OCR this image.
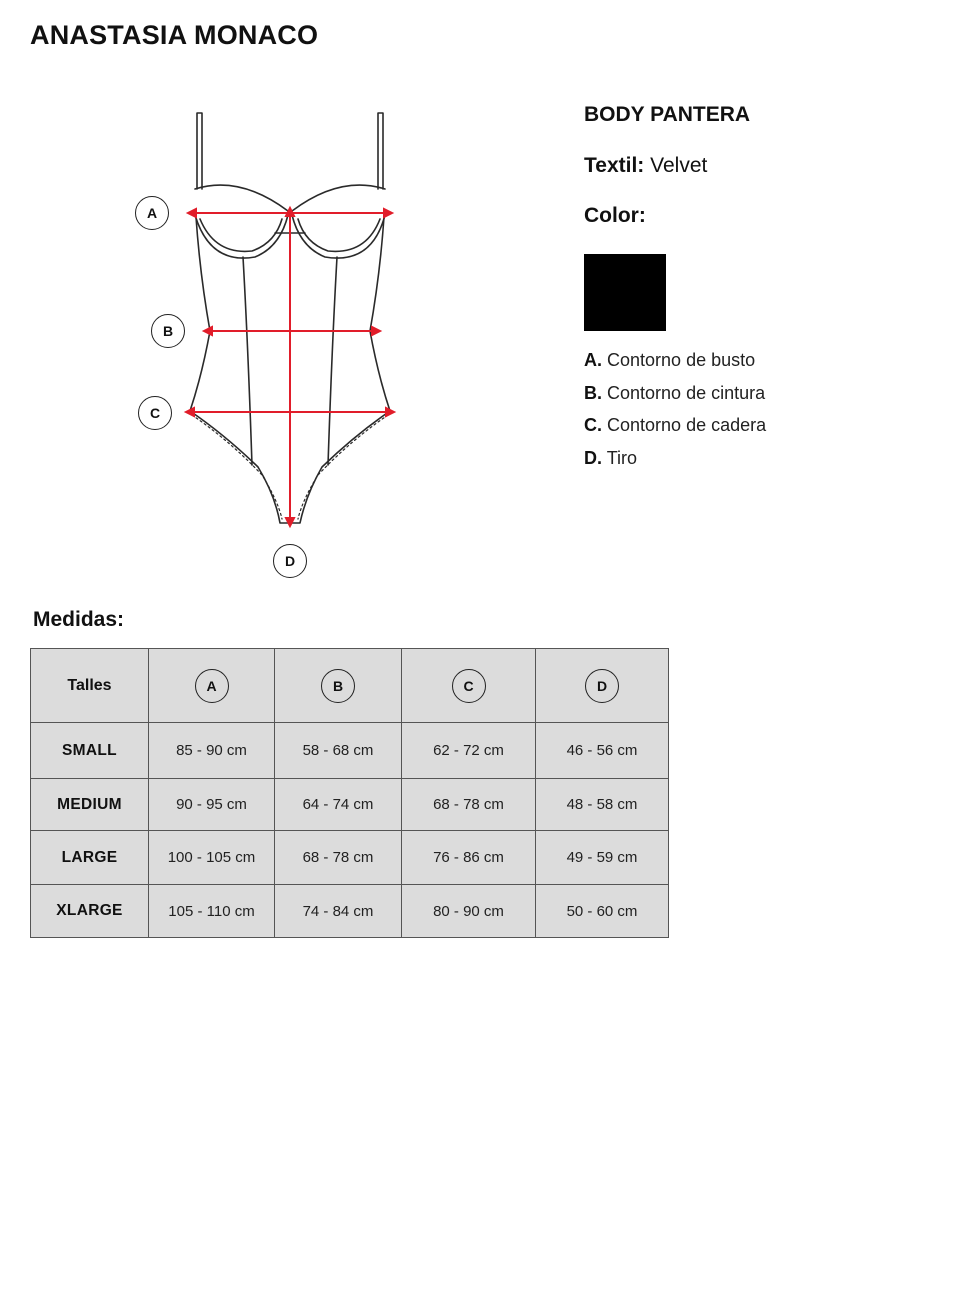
ANASTASIA MONACO
A
B
C
D
BODY PANTERA
Textil: Velvet
Color:
A. Contorno de busto
B. Contorno de cintura
C. Contorno de cadera
D. Tiro
Medidas:
Talles	A	B	C	D
SMALL	85 - 90 cm	58 - 68 cm	62 - 72 cm	46 - 56 cm
MEDIUM	90 - 95 cm	64 - 74 cm	68 - 78 cm	48 - 58 cm
LARGE	100 - 105 cm	68 - 78 cm	76 - 86 cm	49 - 59 cm
XLARGE	105 - 110 cm	74 - 84 cm	80 - 90 cm	50 - 60 cm
